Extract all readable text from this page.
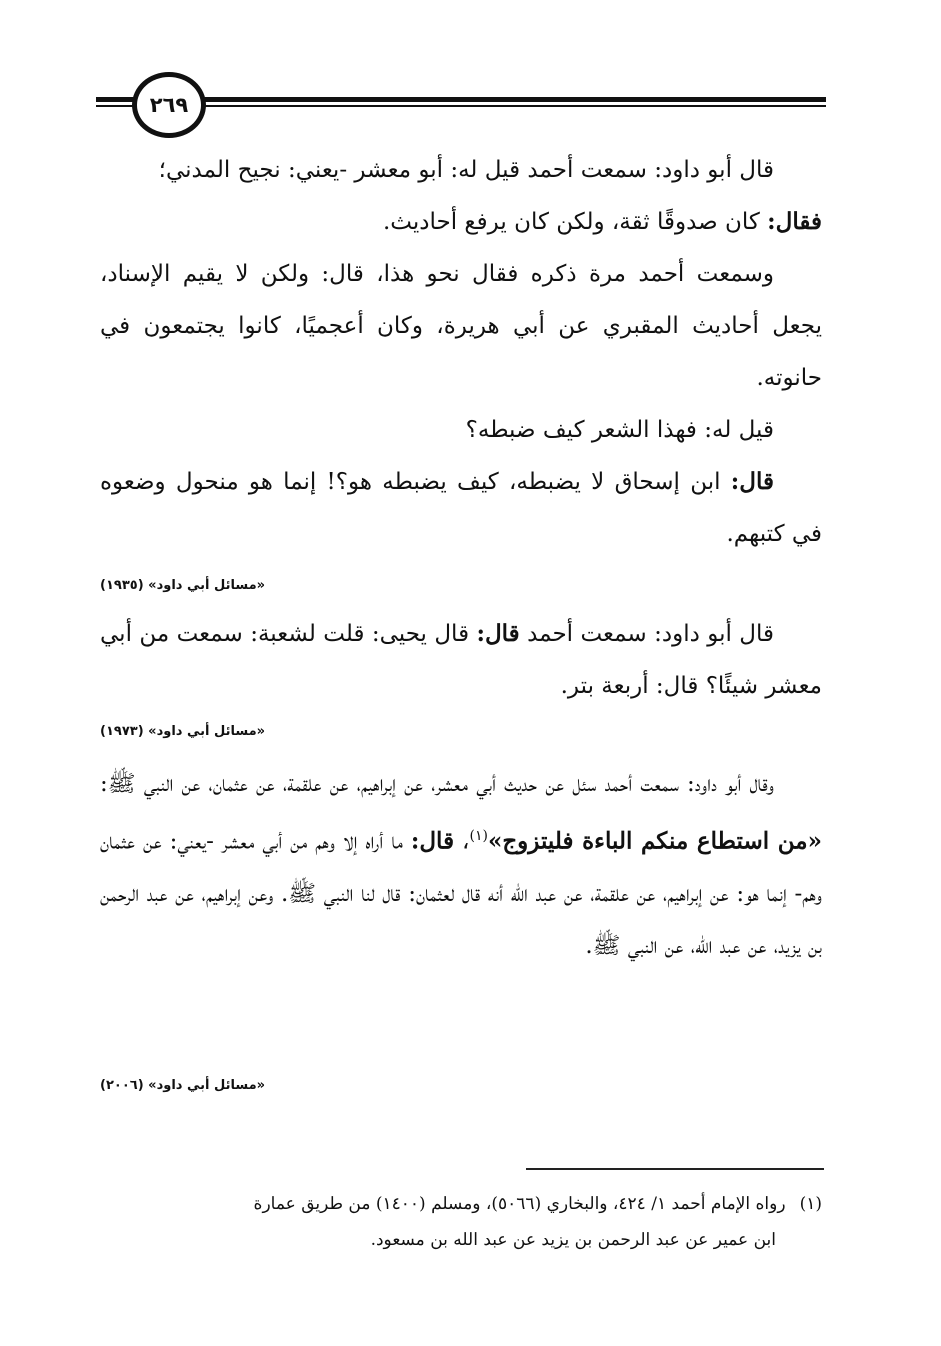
٢٦٩

قال أبو داود: سمعت أحمد قيل له: أبو معشر -يعني: نجيح المدني؛

فقال: كان صدوقًا ثقة، ولكن كان يرفع أحاديث.

وسمعت أحمد مرة ذكره فقال نحو هذا، قال: ولكن لا يقيم الإسناد، يجعل أحاديث المقبري عن أبي هريرة، وكان أعجميًا، كانوا يجتمعون في حانوته.

قيل له: فهذا الشعر كيف ضبطه؟

قال: ابن إسحاق لا يضبطه، كيف يضبطه هو؟! إنما هو منحول وضعوه في كتبهم.

«مسائل أبي داود» (١٩٣٥)

قال أبو داود: سمعت أحمد قال: قال يحيى: قلت لشعبة: سمعت من أبي معشر شيئًا؟ قال: أربعة بتر.

«مسائل أبي داود» (١٩٧٣)

وقال أبو داود: سمعت أحمد سئل عن حديث أبي معشر، عن إبراهيم، عن علقمة، عن عثمان، عن النبي ﷺ: «من استطاع منكم الباءة فليتزوج»$^{(١)}$، قال: ما أراه إلا وهم من أبي معشر -يعني: عن عثمان وهم- إنما هو: عن إبراهيم، عن علقمة، عن عبد الله أنه قال لعثمان: قال لنا النبي ﷺ. وعن إبراهيم، عن عبد الرحمن بن يزيد، عن عبد الله، عن النبي ﷺ.

«مسائل أبي داود» (٢٠٠٦)

(١)رواه الإمام أحمد ١/ ٤٢٤، والبخاري (٥٠٦٦)، ومسلم (١٤٠٠) من طريق عمارة

ابن عمير عن عبد الرحمن بن يزيد عن عبد الله بن مسعود.
